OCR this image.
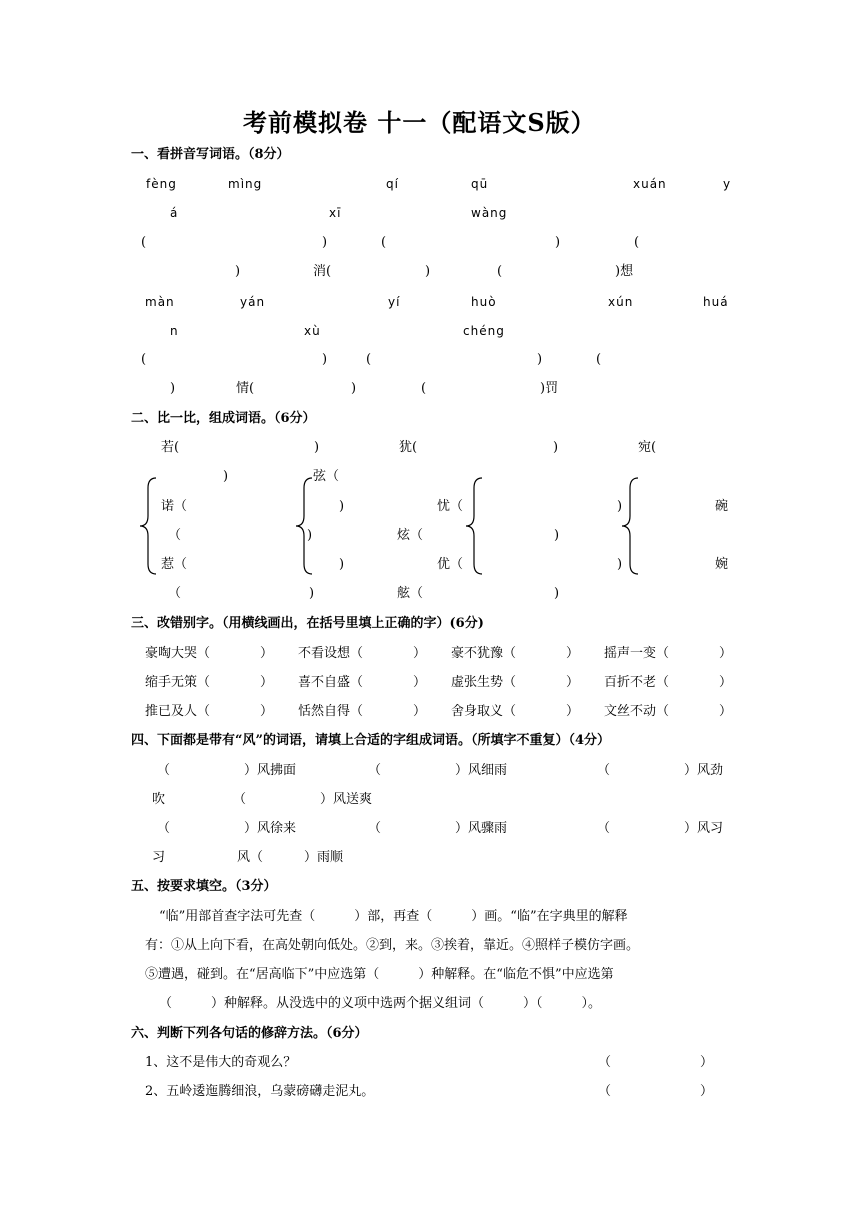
考前模拟卷 十一（配语文S版）
一、看拼音写词语。（8分）
fèng	mìng	qí	qū	xuán	y
á	xī	wàng
(	)	(	)	(
)	消(	)	(	)想
màn	yán	yí	huò	xún	huá
n	xù	chéng
(	)	(	)	(
)	情(	)	(	)罚
二、比一比，组成词语。（6分）
若(	)	犹(	)	宛(
)	弦（
诺（	)	忧（	)	碗
（	)	炫（	)
惹（	)	优（	)	婉
（	)	舷（	)
三、改错别字。（用横线画出，在括号里填上正确的字）(6分)
豪啕大哭（	） 不看设想（	） 豪不犹豫（	） 摇声一变（	）
缩手无策（	） 喜不自盛（	） 虚张生势（	） 百折不老（	）
推已及人（	） 恬然自得（	） 舍身取义（	） 文丝不动（	）
四、下面都是带有“风”的词语，请填上合适的字组成词语。（所填字不重复）（4分）
（	）风拂面	（	）风细雨	（	）风劲
吹	（	）风送爽
（	）风徐来	（	）风骤雨	（	）风习
习	风（	）雨顺
五、按要求填空。（3分）
“临”用部首查字法可先查（　　　）部，再查（　　　）画。“临”在字典里的解释
有：①从上向下看，在高处朝向低处。②到，来。③挨着，靠近。④照样子模仿字画。
⑤遭遇，碰到。在“居高临下”中应选第（　　　）种解释。在“临危不惧”中应选第
（　　　）种解释。从没选中的义项中选两个据义组词（　　　）（　　　）。
六、判断下列各句话的修辞方法。（6分）
1、这不是伟大的奇观么？	（	）
2、五岭逶迤腾细浪，乌蒙磅礴走泥丸。	（	）
